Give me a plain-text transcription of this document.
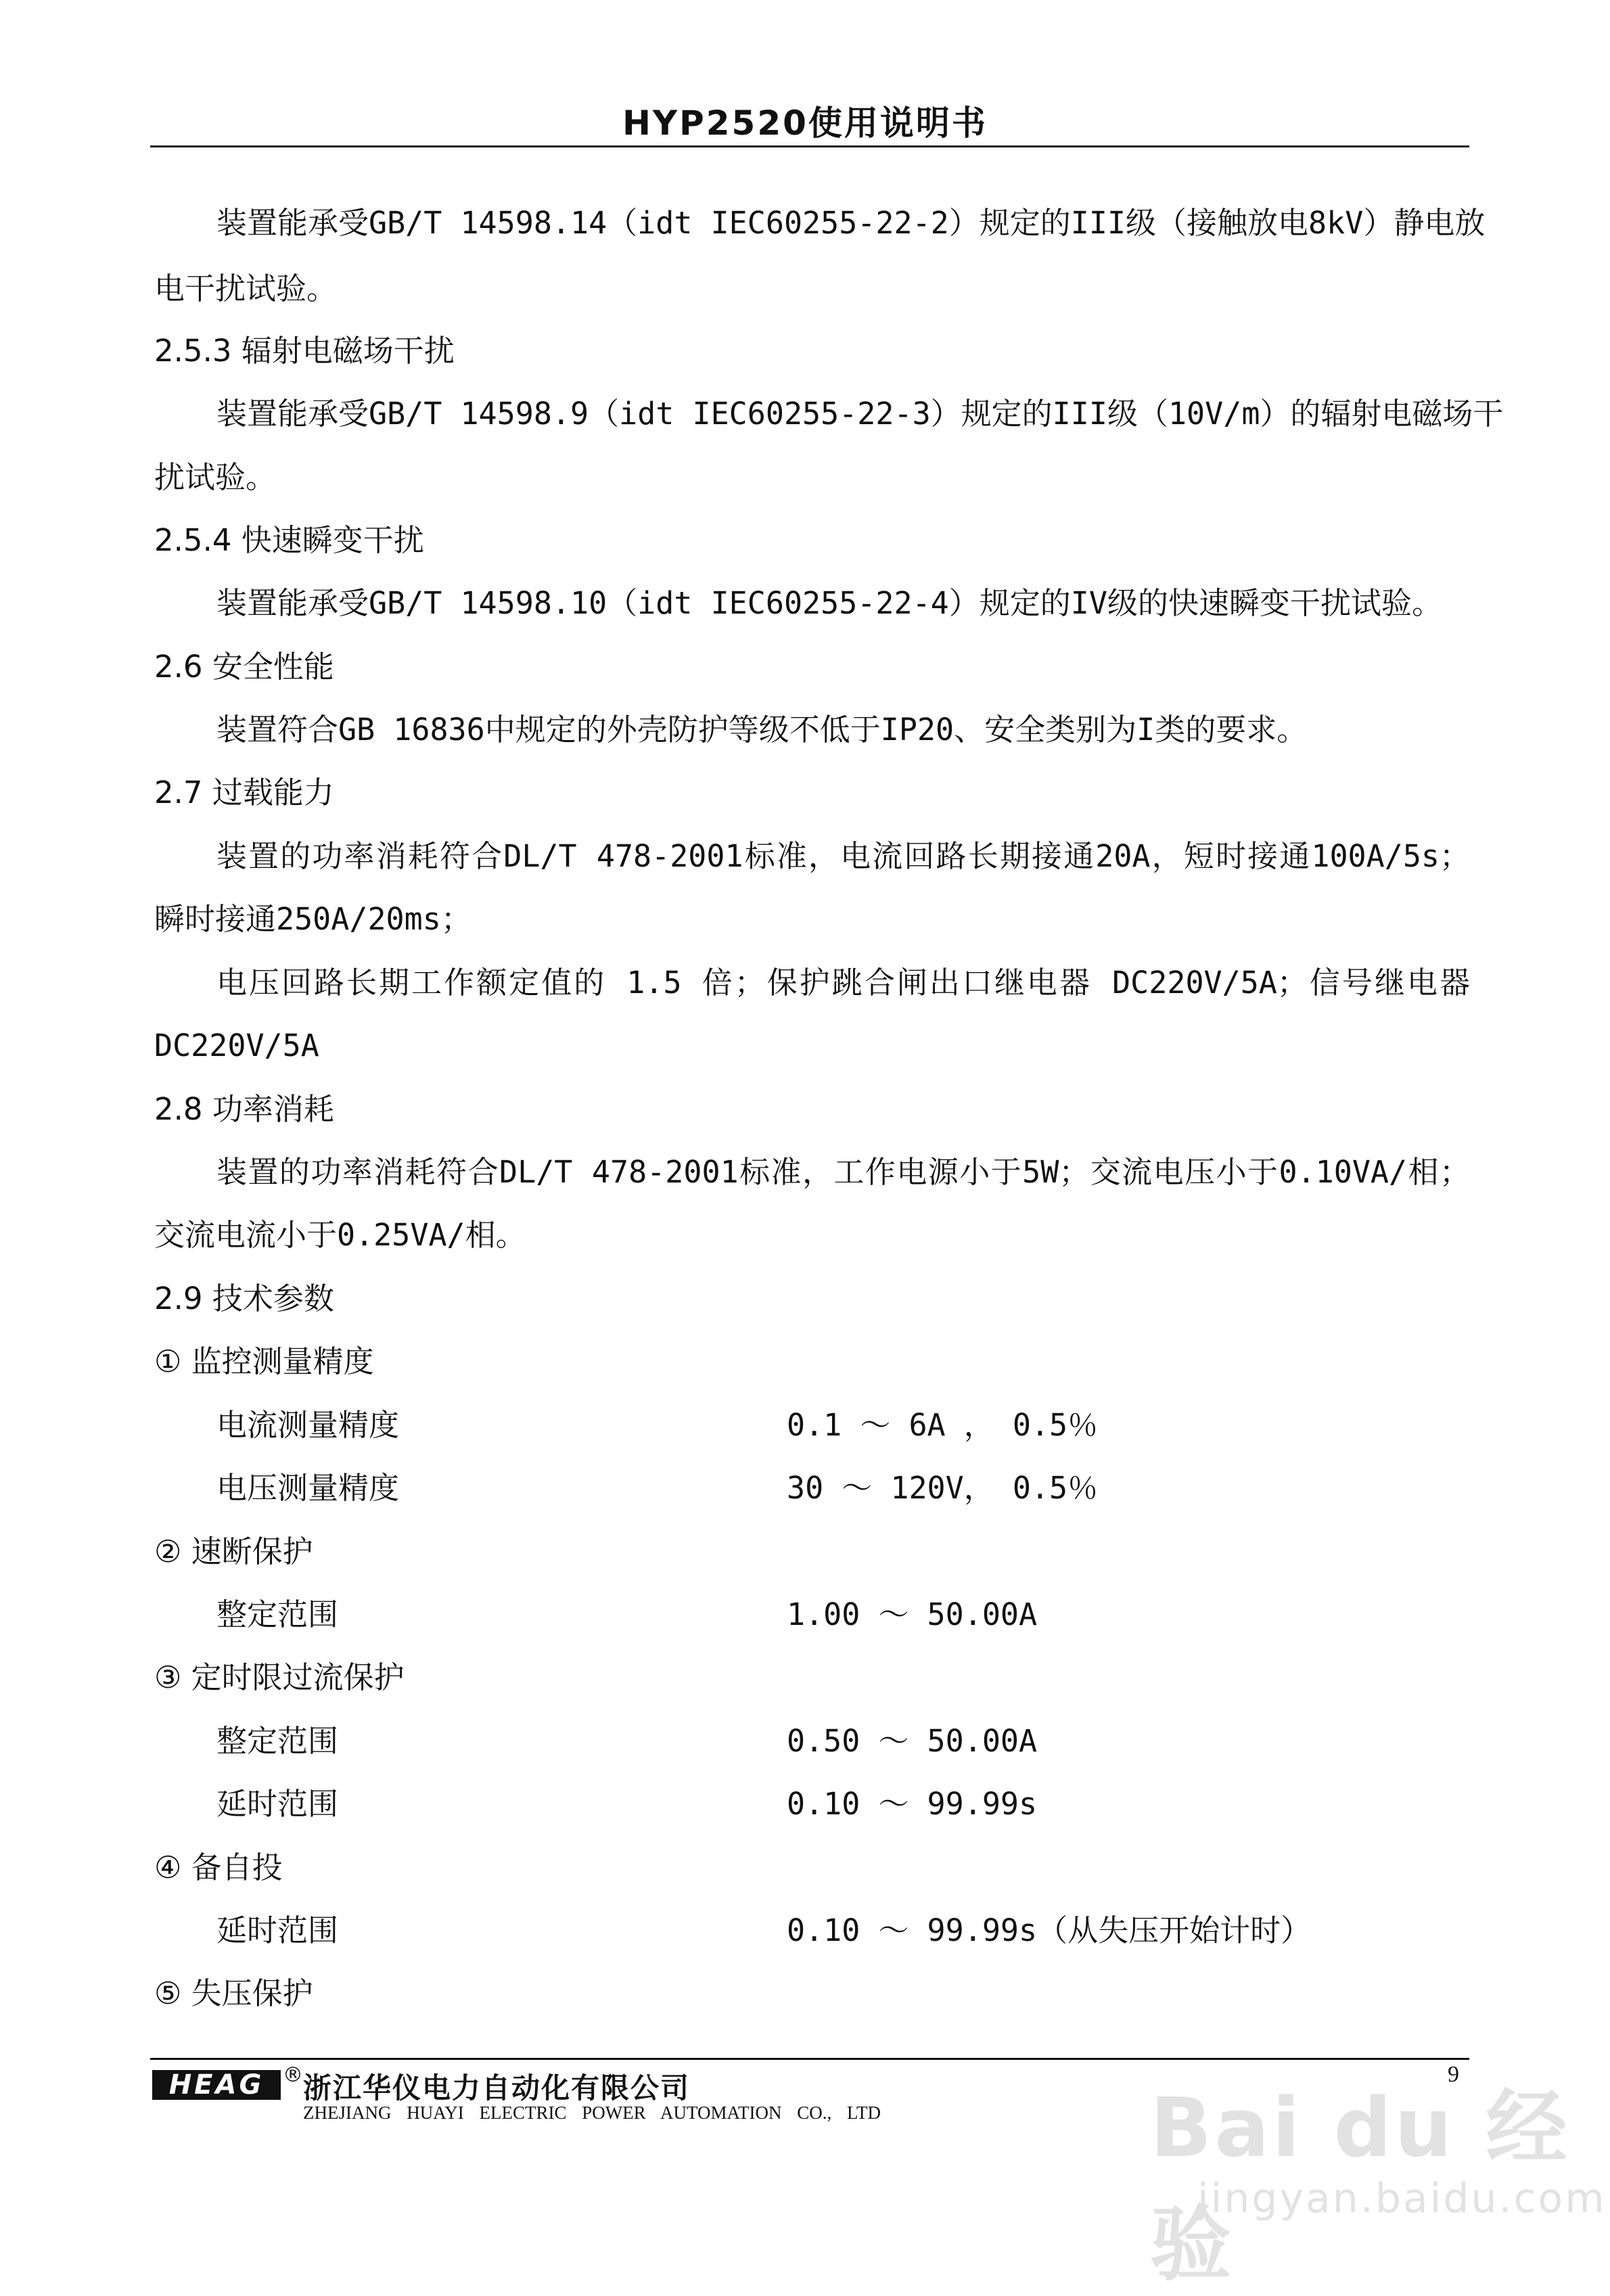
HYP2520使用说明书
装置能承受GB/T 14598.14（idt IEC60255-22-2）规定的III级（接触放电8kV）静电放
电干扰试验。
2.5.3 辐射电磁场干扰
装置能承受GB/T 14598.9（idt IEC60255-22-3）规定的III级（10V/m）的辐射电磁场干
扰试验。
2.5.4 快速瞬变干扰
装置能承受GB/T 14598.10（idt IEC60255-22-4）规定的IV级的快速瞬变干扰试验。
2.6 安全性能
装置符合GB 16836中规定的外壳防护等级不低于IP20、安全类别为I类的要求。
2.7 过载能力
装置的功率消耗符合DL/T 478-2001标准，电流回路长期接通20A，短时接通100A/5s；
瞬时接通250A/20ms；
电压回路长期工作额定值的 1.5 倍；保护跳合闸出口继电器 DC220V/5A；信号继电器
DC220V/5A
2.8 功率消耗
装置的功率消耗符合DL/T 478-2001标准，工作电源小于5W；交流电压小于0.10VA/相；
交流电流小于0.25VA/相。
2.9 技术参数
① 监控测量精度
电流测量精度	0.1 ～ 6A ， 0.5％
电压测量精度	30 ～ 120V， 0.5％
② 速断保护
整定范围	1.00 ～ 50.00A
③ 定时限过流保护
整定范围	0.50 ～ 50.00A
延时范围	0.10 ～ 99.99s
④ 备自投
延时范围	0.10 ～ 99.99s（从失压开始计时）
⑤ 失压保护
HEAG ® 浙江华仪电力自动化有限公司
ZHEJIANG HUAYI ELECTRIC POWER AUTOMATION CO., LTD
9
Bai du 经验
jingyan.baidu.com
